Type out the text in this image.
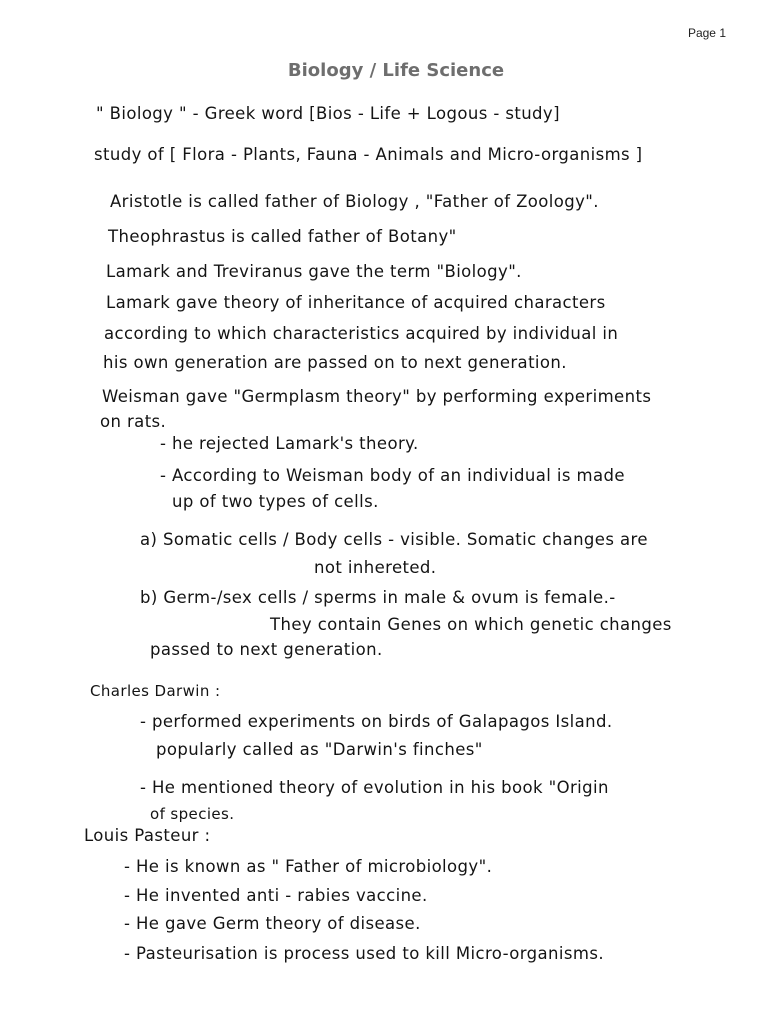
Page 1
Biology / Life Science
" Biology " - Greek word [Bios - Life + Logous - study]
study of [ Flora - Plants, Fauna - Animals and Micro-organisms ]
Aristotle is called father of Biology , "Father of Zoology".
Theophrastus is called father of Botany"
Lamark and Treviranus gave the term "Biology".
Lamark gave theory of inheritance of acquired characters
according to which characteristics acquired by individual in
his own generation are passed on to next generation.
Weisman gave "Germplasm theory" by performing experiments
on rats.
- he rejected Lamark's theory.
- According to Weisman body of an individual is made
up of two types of cells.
a) Somatic cells / Body cells - visible. Somatic changes are
not inhereted.
b) Germ-/sex cells / sperms in male & ovum is female.-
They contain Genes on which genetic changes
passed to next generation.
Charles Darwin :
- performed experiments on birds of Galapagos Island.
popularly called as "Darwin's finches"
- He mentioned theory of evolution in his book "Origin
of species.
Louis Pasteur :
- He is known as " Father of microbiology".
- He invented anti - rabies vaccine.
- He gave Germ theory of disease.
- Pasteurisation is process used to kill Micro-organisms.
